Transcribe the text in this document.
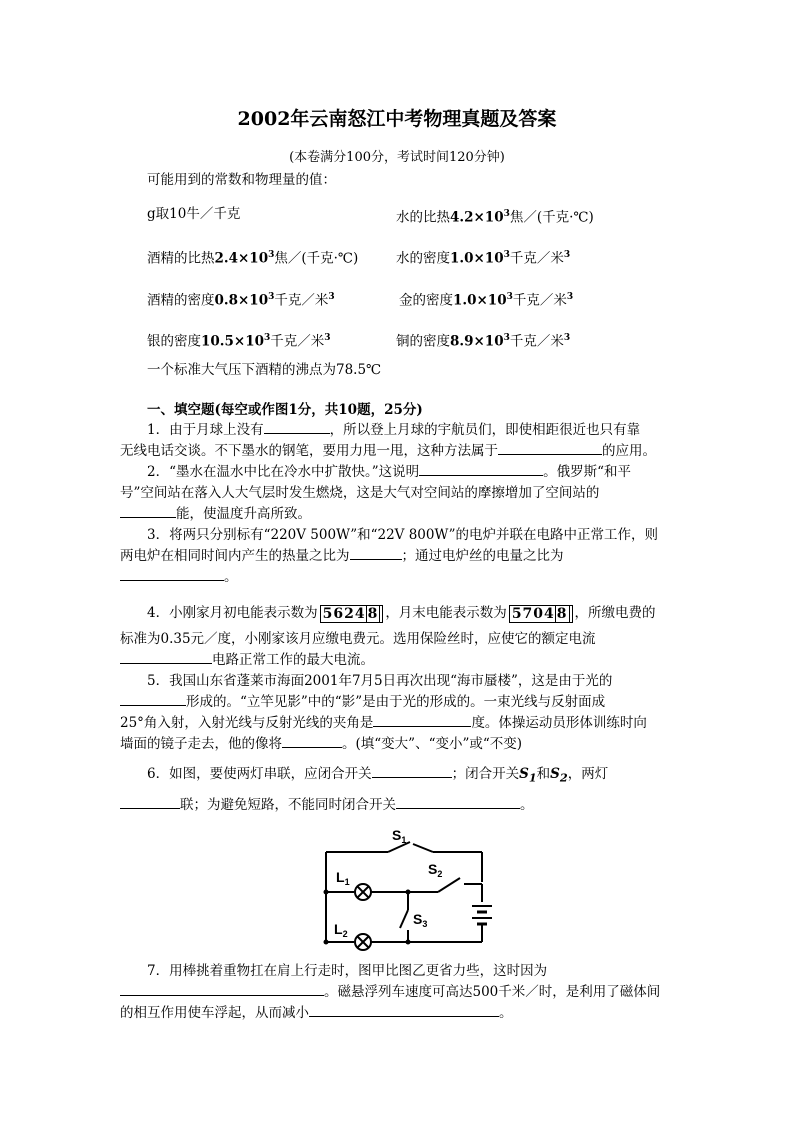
2002年云南怒江中考物理真题及答案
(本卷满分100分，考试时间120分钟)
可能用到的常数和物理量的值：
g取10牛／千克	水的比热$4.2\times 10^3$焦／(千克·℃)
酒精的比热$2.4\times 10^3$焦／(千克·℃)	水的密度$1.0\times 10^3$千克／米$^3$
酒精的密度$0.8\times 10^3$千克／米$^3$	金的密度$1.0\times 10^3$千克／米$^3$
银的密度$10.5\times 10^3$千克／米$^3$	铜的密度$8.9\times 10^3$千克／米$^3$
一个标准大气压下酒精的沸点为78.5℃
一、填空题(每空或作图1分，共10题，25分)
1．由于月球上没有	，所以登上月球的宇航员们，即使相距很近也只有靠
无线电话交谈。不下墨水的钢笔，要用力甩一甩，这种方法属于	的应用。
2．“墨水在温水中比在冷水中扩散快。”这说明	。俄罗斯“和平
号”空间站在落入人大气层时发生燃烧，这是大气对空间站的摩擦增加了空间站的
能，使温度升高所致。
3．将两只分别标有“220V 500W”和“22V 800W”的电炉并联在电路中正常工作，则
两电炉在相同时间内产生的热量之比为	；通过电炉丝的电量之比为
。
4．小刚家月初电能表示数为 5624 8 ，月末电能表示数为 5704 8 ，所缴电费的
标准为0.35元／度，小刚家该月应缴电费元。选用保险丝时，应使它的额定电流
电路正常工作的最大电流。
5．我国山东省蓬莱市海面2001年7月5日再次出现“海市蜃楼”，这是由于光的
形成的。“立竿见影”中的“影”是由于光的形成的。一束光线与反射面成
25°角入射，入射光线与反射光线的夹角是	度。体操运动员形体训练时向
墙面的镜子走去，他的像将	。(填“变大”、“变小”或“不变)
6．如图，要使两灯串联，应闭合开关	；闭合开关$S_1$和$S_2$，两灯
联；为避免短路，不能同时闭合开关	。
$S_1$
$S_2$
$S_3$
$L_1$
$L_2$
7．用棒挑着重物扛在肩上行走时，图甲比图乙更省力些，这时因为
。磁悬浮列车速度可高达500千米／时，是利用了磁体间
的相互作用使车浮起，从而减小	。
